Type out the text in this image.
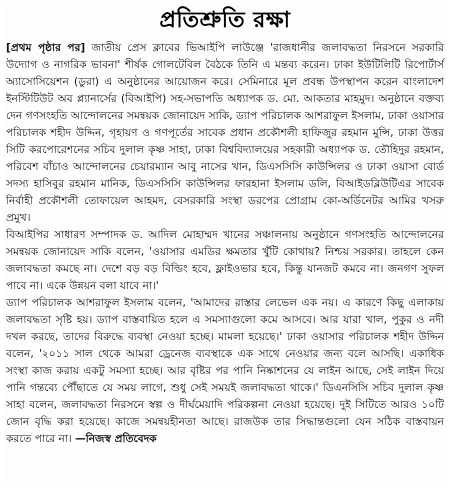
প্রতিশ্রুতি রক্ষা

[প্রথম পৃষ্ঠার পর] জাতীয় প্রেস ক্লাবের ভিআইপি লাউঞ্জে 'রাজধানীর জলাবদ্ধতা নিরসনে সরকারি উদ্যোগ ও নাগরিক ভাবনা' শীর্ষক গোলটেবিল বৈঠকে তিনি এ মন্তব্য করেন। ঢাকা ইউটিলিটি রিপোর্টার্স অ্যাসোসিয়েশন (ডুরা) এ অনুষ্ঠানের আয়োজন করে। সেমিনারে মূল প্রবন্ধ উপস্থাপন করেন বাংলাদেশ ইনস্টিটিউট অব প্ল্যানার্সের (বিআইপি) সহ-সভাপতি অধ্যাপক ড. মো. আকতার মাহমুদ। অনুষ্ঠানে বক্তব্য দেন গণসংহতি আন্দোলনের সমন্বয়ক জোনায়েদ সাকি, ড্যাপ পরিচালক আশরাফুল ইসলাম, ঢাকা ওয়াসার পরিচালক শহীদ উদ্দিন, গৃহায়ণ ও গণপূর্তের সাবেক প্রধান প্রকৌশলী হাফিজুর রহমান মুন্সি, ঢাকা উত্তর সিটি করপোরেশনের সচিব দুলাল কৃষ্ণ সাহা, ঢাকা বিশ্ববিদ্যালয়ের সহকারী অধ্যাপক ড. তৌহিদুর রহমান, পরিবেশ বাঁচাও আন্দোলনের চেয়ারম্যান আবু নাসের খান, ডিএসসিসি কাউন্সিলর ও ঢাকা ওয়াসা বোর্ড সদস্য হাসিবুর রহমান মানিক, ডিএসসিসি কাউন্সিলর ফারহানা ইসলাম ডলি, বিআইডব্লিউটিএর সাবেক নির্বাহী প্রকৌশলী তোফায়েল আহমদ, বেসরকারি সংস্থা ডরপের প্রোগ্রাম কো-অর্ডিনেটর আমির খসরু প্রমুখ।

বিআইপির সাধারণ সম্পাদক ড. আদিল মোহাম্মদ খানের সঞ্চালনায় অনুষ্ঠানে গণসংহতি আন্দোলনের সমন্বয়ক জোনায়েদ সাকি বলেন, 'ওয়াসার এমডির ক্ষমতার খুঁটি কোথায়? নিশ্চয় সরকার। তাহলে কেন জলাবদ্ধতা কমছে না। দেশে বড় বড় বিল্ডিং হবে, ফ্লাইওভার হবে, কিন্তু যানজট কমবে না। জনগণ সুফল পাবে না। একে উন্নয়ন বলা যাবে না।'

ড্যাপ পরিচালক আশরাফুল ইসলাম বলেন, 'আমাদের রাস্তার লেভেল এক নয়। এ কারণে কিছু এলাকায় জলাবদ্ধতা সৃষ্টি হয়। ড্যাপ বাস্তবায়িত হলে এ সমস্যাগুলো কমে আসবে। আর যারা খাল, পুকুর ও নদী দখল করছে, তাদের বিরুদ্ধে ব্যবস্থা নেওয়া হচ্ছে। মামলা হয়েছে।' ঢাকা ওয়াসার পরিচালক শহীদ উদ্দিন বলেন, '২০১১ সাল থেকে আমরা ড্রেনেজ ব্যবস্থাকে এক সাথে নেওয়ার জন্য বলে আসছি। একাধিক সংস্থা কাজ করায় একটু সমস্যা হচ্ছে। আর বৃষ্টির পর পানি নিষ্কাশনের যে লাইন আছে, সেই লাইন দিয়ে পানি গন্তব্যে পৌঁছাতে যে সময় লাগে, শুধু সেই সময়ই জলাবদ্ধতা থাকে।' ডিএনসিসি সচিব দুলাল কৃষ্ণ সাহা বলেন, জলাবদ্ধতা নিরসনে স্বল্প ও দীর্ঘমেয়াদি পরিকল্পনা নেওয়া হয়েছে। দুই সিটিতে আরও ১০টি জোন বৃদ্ধি করা হয়েছে। কাজে সমন্বয়হীনতা আছে। রাজউক তার সিদ্ধান্তগুলো যেন সঠিক বাস্তবায়ন করতে পারে না। —নিজস্ব প্রতিবেদক
